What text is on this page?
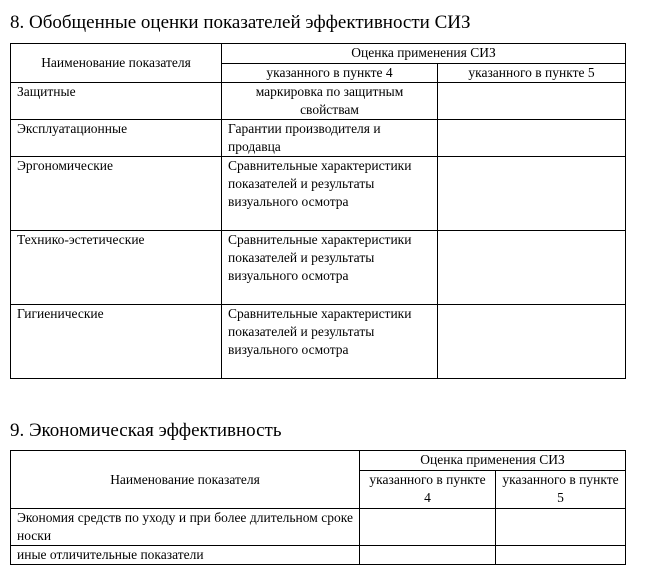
8. Обобщенные оценки показателей эффективности СИЗ
Наименование показателя	Оценка применения СИЗ	
	указанного в пункте 4	указанного в пункте 5
Защитные	маркировка по защитным свойствам	
Эксплуатационные	Гарантии производителя и продавца	
Эргономические	Сравнительные характеристики показателей и результаты визуального осмотра	
Технико-эстетические	Сравнительные характеристики показателей и результаты визуального осмотра	
Гигиенические	Сравнительные характеристики показателей и результаты визуального осмотра	
9. Экономическая эффективность
Наименование показателя	Оценка применения СИЗ	
	указанного в пункте 4	указанного в пункте 5
Экономия средств по уходу и при более длительном сроке носки		
иные отличительные показатели		
